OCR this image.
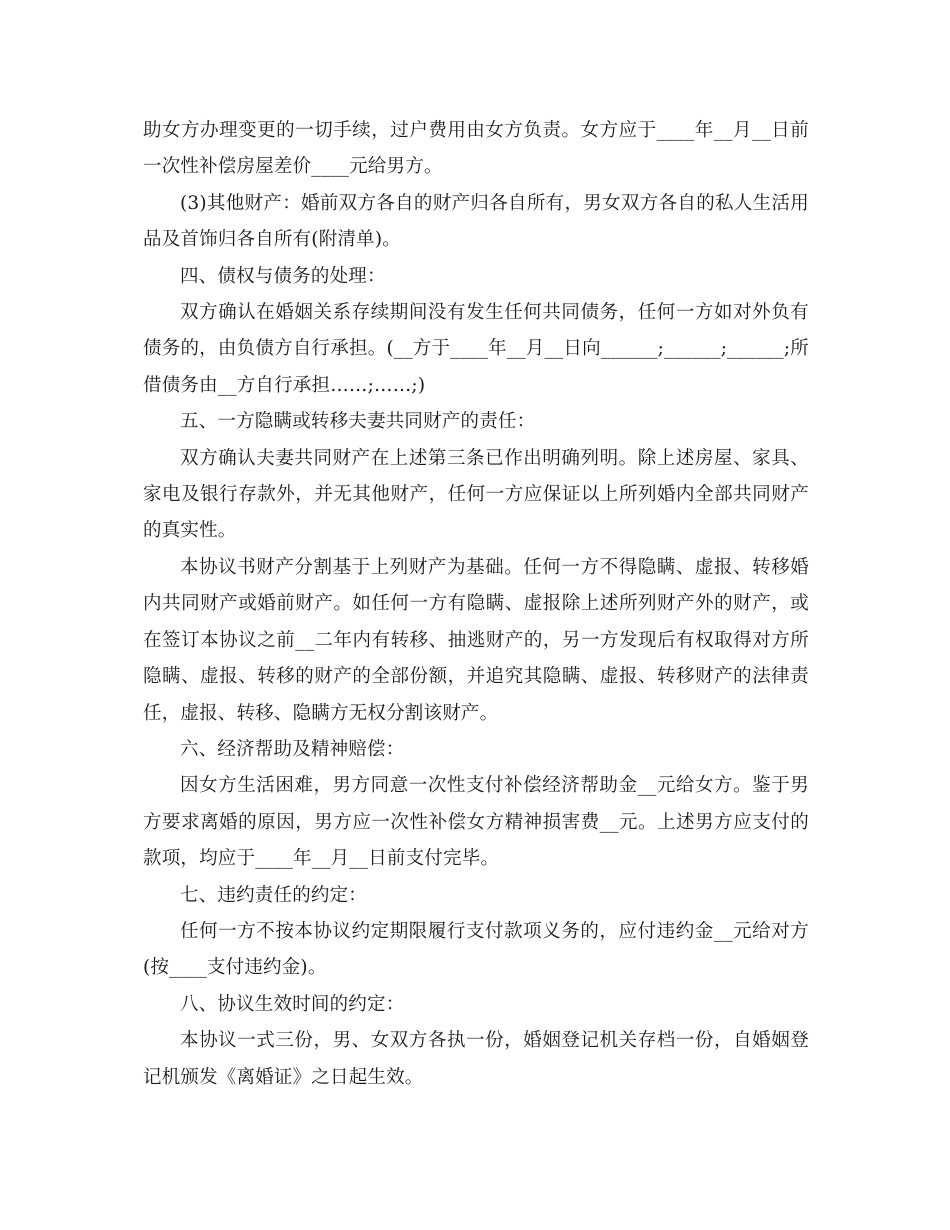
助女方办理变更的一切手续，过户费用由女方负责。女方应于____年__月__日前一次性补偿房屋差价____元给男方。

(3)其他财产：婚前双方各自的财产归各自所有，男女双方各自的私人生活用品及首饰归各自所有(附清单)。

四、债权与债务的处理：

双方确认在婚姻关系存续期间没有发生任何共同债务，任何一方如对外负有债务的，由负债方自行承担。(__方于____年__月__日向______;______;______;所借债务由__方自行承担……;……;)

五、一方隐瞒或转移夫妻共同财产的责任：

双方确认夫妻共同财产在上述第三条已作出明确列明。除上述房屋、家具、家电及银行存款外，并无其他财产，任何一方应保证以上所列婚内全部共同财产的真实性。

本协议书财产分割基于上列财产为基础。任何一方不得隐瞒、虚报、转移婚内共同财产或婚前财产。如任何一方有隐瞒、虚报除上述所列财产外的财产，或在签订本协议之前__二年内有转移、抽逃财产的，另一方发现后有权取得对方所隐瞒、虚报、转移的财产的全部份额，并追究其隐瞒、虚报、转移财产的法律责任，虚报、转移、隐瞒方无权分割该财产。

六、经济帮助及精神赔偿：

因女方生活困难，男方同意一次性支付补偿经济帮助金__元给女方。鉴于男方要求离婚的原因，男方应一次性补偿女方精神损害费__元。上述男方应支付的款项，均应于____年__月__日前支付完毕。

七、违约责任的约定：

任何一方不按本协议约定期限履行支付款项义务的，应付违约金__元给对方(按____支付违约金)。

八、协议生效时间的约定：

本协议一式三份，男、女双方各执一份，婚姻登记机关存档一份，自婚姻登记机颁发《离婚证》之日起生效。
